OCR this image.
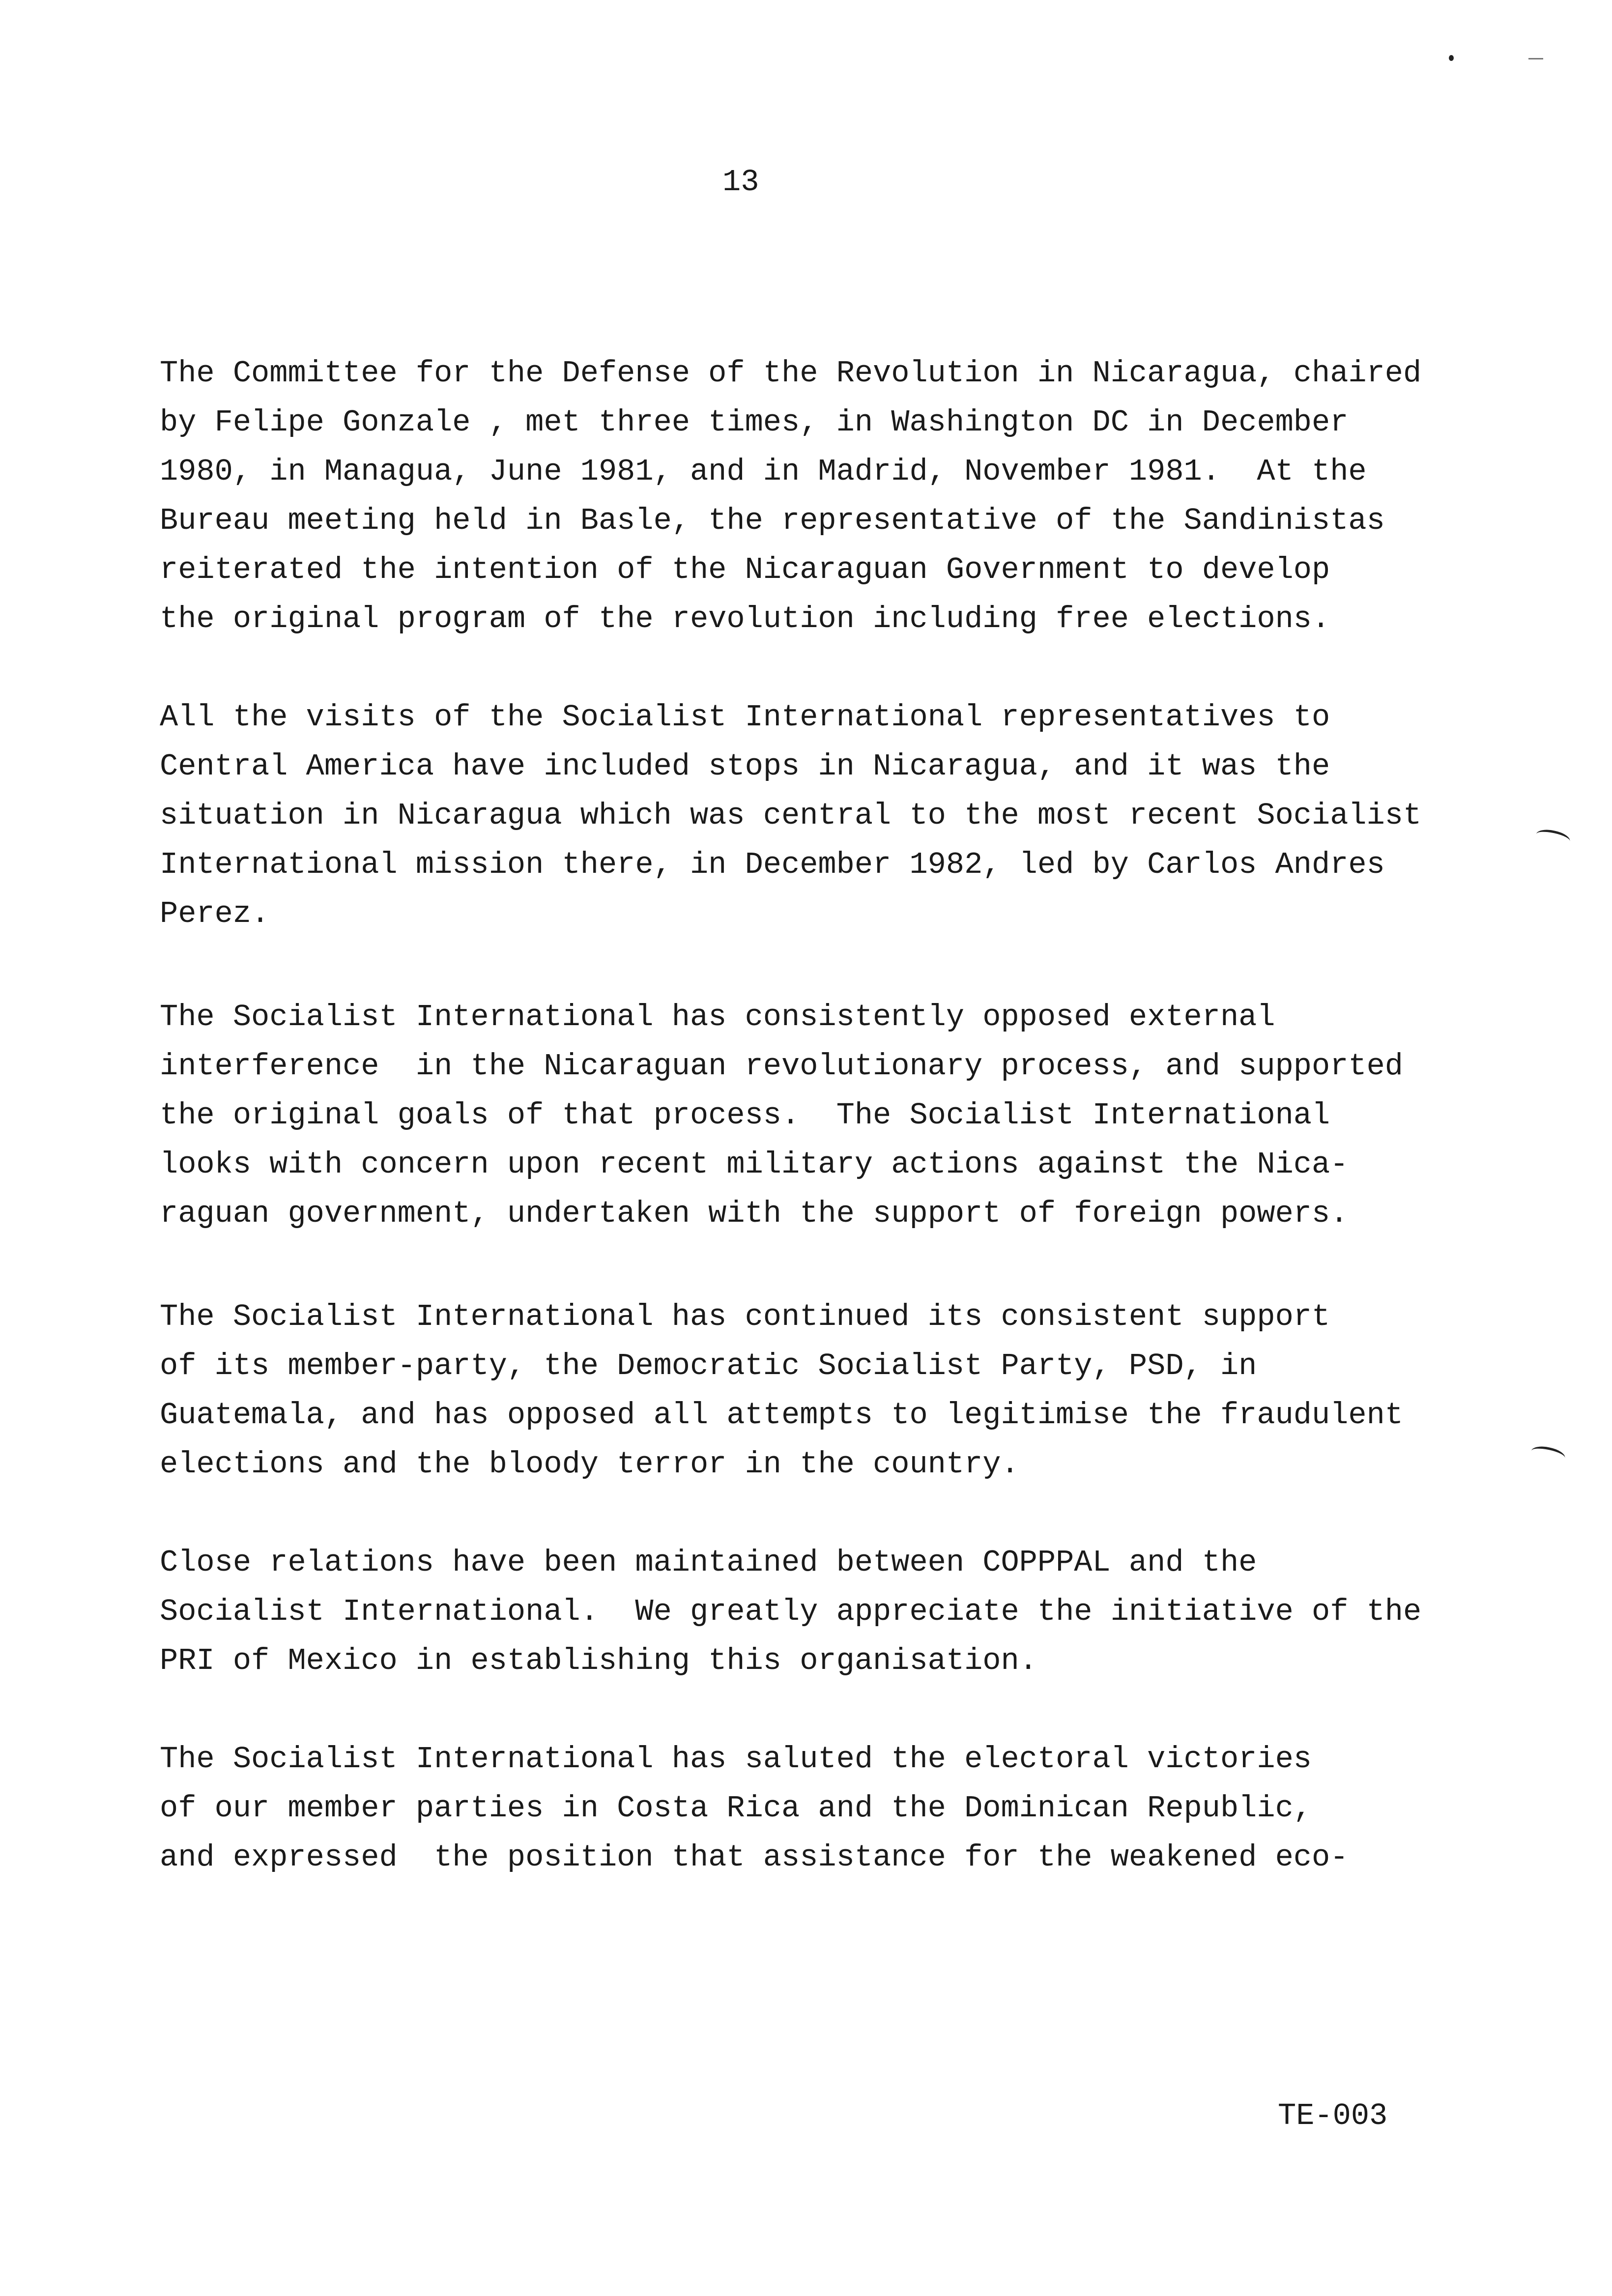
13
The Committee for the Defense of the Revolution in Nicaragua, chaired
by Felipe Gonzale , met three times, in Washington DC in December
1980, in Managua, June 1981, and in Madrid, November 1981.  At the
Bureau meeting held in Basle, the representative of the Sandinistas
reiterated the intention of the Nicaraguan Government to develop
the original program of the revolution including free elections.
All the visits of the Socialist International representatives to
Central America have included stops in Nicaragua, and it was the
situation in Nicaragua which was central to the most recent Socialist
International mission there, in December 1982, led by Carlos Andres
Perez.
The Socialist International has consistently opposed external
interference  in the Nicaraguan revolutionary process, and supported
the original goals of that process.  The Socialist International
looks with concern upon recent military actions against the Nica-
raguan government, undertaken with the support of foreign powers.
The Socialist International has continued its consistent support
of its member-party, the Democratic Socialist Party, PSD, in
Guatemala, and has opposed all attempts to legitimise the fraudulent
elections and the bloody terror in the country.
Close relations have been maintained between COPPPAL and the
Socialist International.  We greatly appreciate the initiative of the
PRI of Mexico in establishing this organisation.
The Socialist International has saluted the electoral victories
of our member parties in Costa Rica and the Dominican Republic,
and expressed  the position that assistance for the weakened eco-
TE-003
